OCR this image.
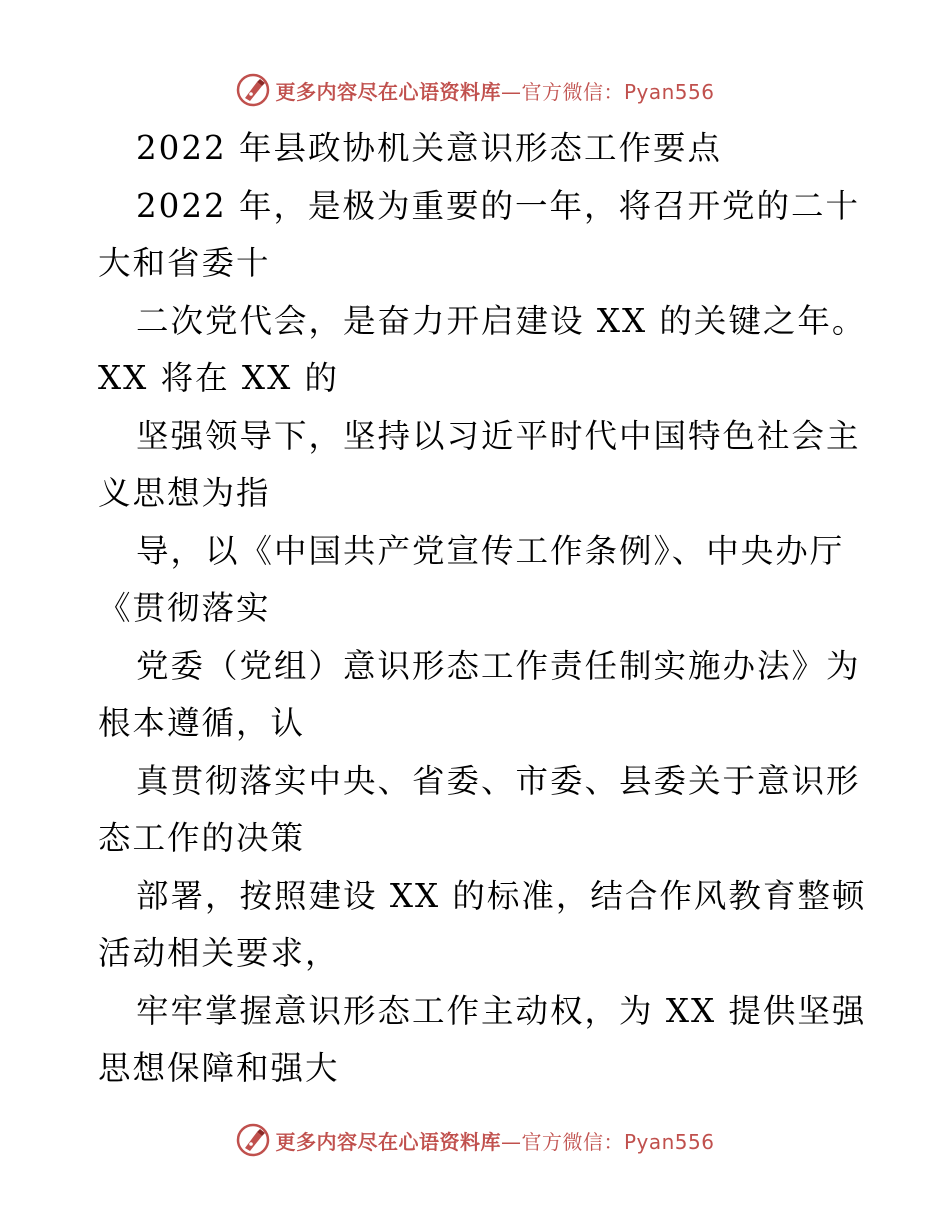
更多内容尽在心语资料库—官方微信：Pyan556
2022 年县政协机关意识形态工作要点
2022 年，是极为重要的一年，将召开党的二十
大和省委十
二次党代会，是奋力开启建设 XX 的关键之年。
XX 将在 XX 的
坚强领导下，坚持以习近平时代中国特色社会主
义思想为指
导，以《中国共产党宣传工作条例》、中央办厅
《贯彻落实
党委（党组）意识形态工作责任制实施办法》为
根本遵循，认
真贯彻落实中央、省委、市委、县委关于意识形
态工作的决策
部署，按照建设 XX 的标准，结合作风教育整顿
活动相关要求，
牢牢掌握意识形态工作主动权，为 XX 提供坚强
思想保障和强大
更多内容尽在心语资料库—官方微信：Pyan556
